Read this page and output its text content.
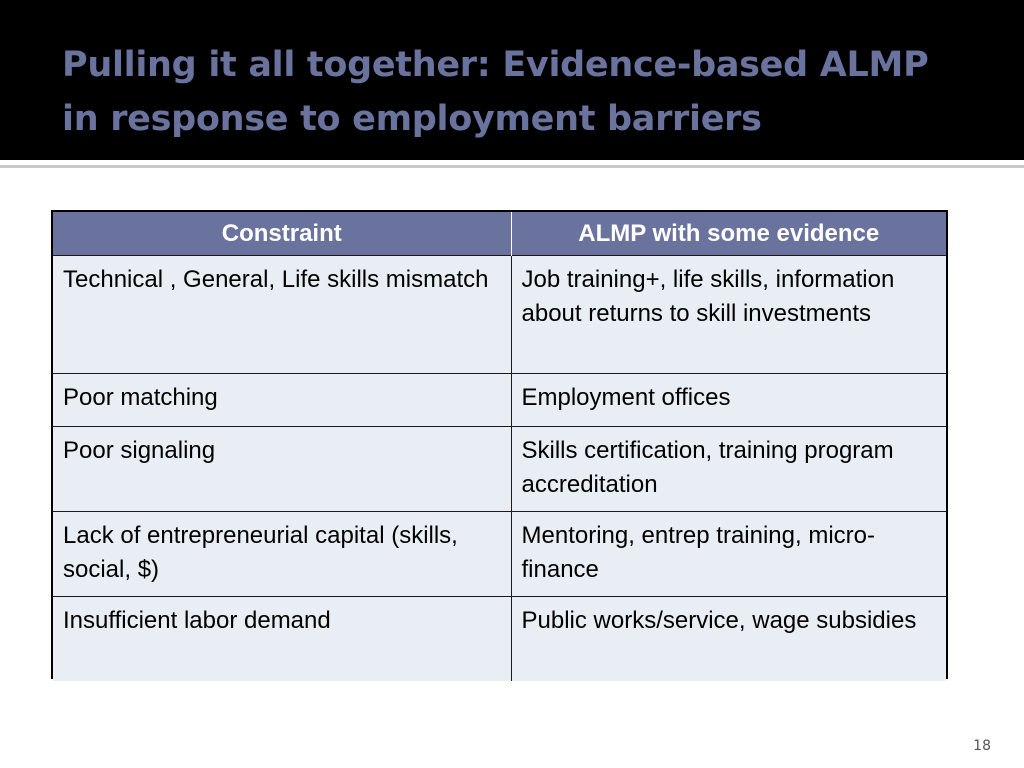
Pulling it all together: Evidence-based ALMP
in response to employment barriers
Constraint	ALMP with some evidence
Technical , General, Life skills mismatch	Job training+, life skills, information about returns to skill investments
Poor matching	Employment offices
Poor signaling	Skills certification, training program accreditation
Lack of entrepreneurial capital (skills, social, $)	Mentoring, entrep training, micro-finance
Insufficient labor demand	Public works/service, wage subsidies
18
